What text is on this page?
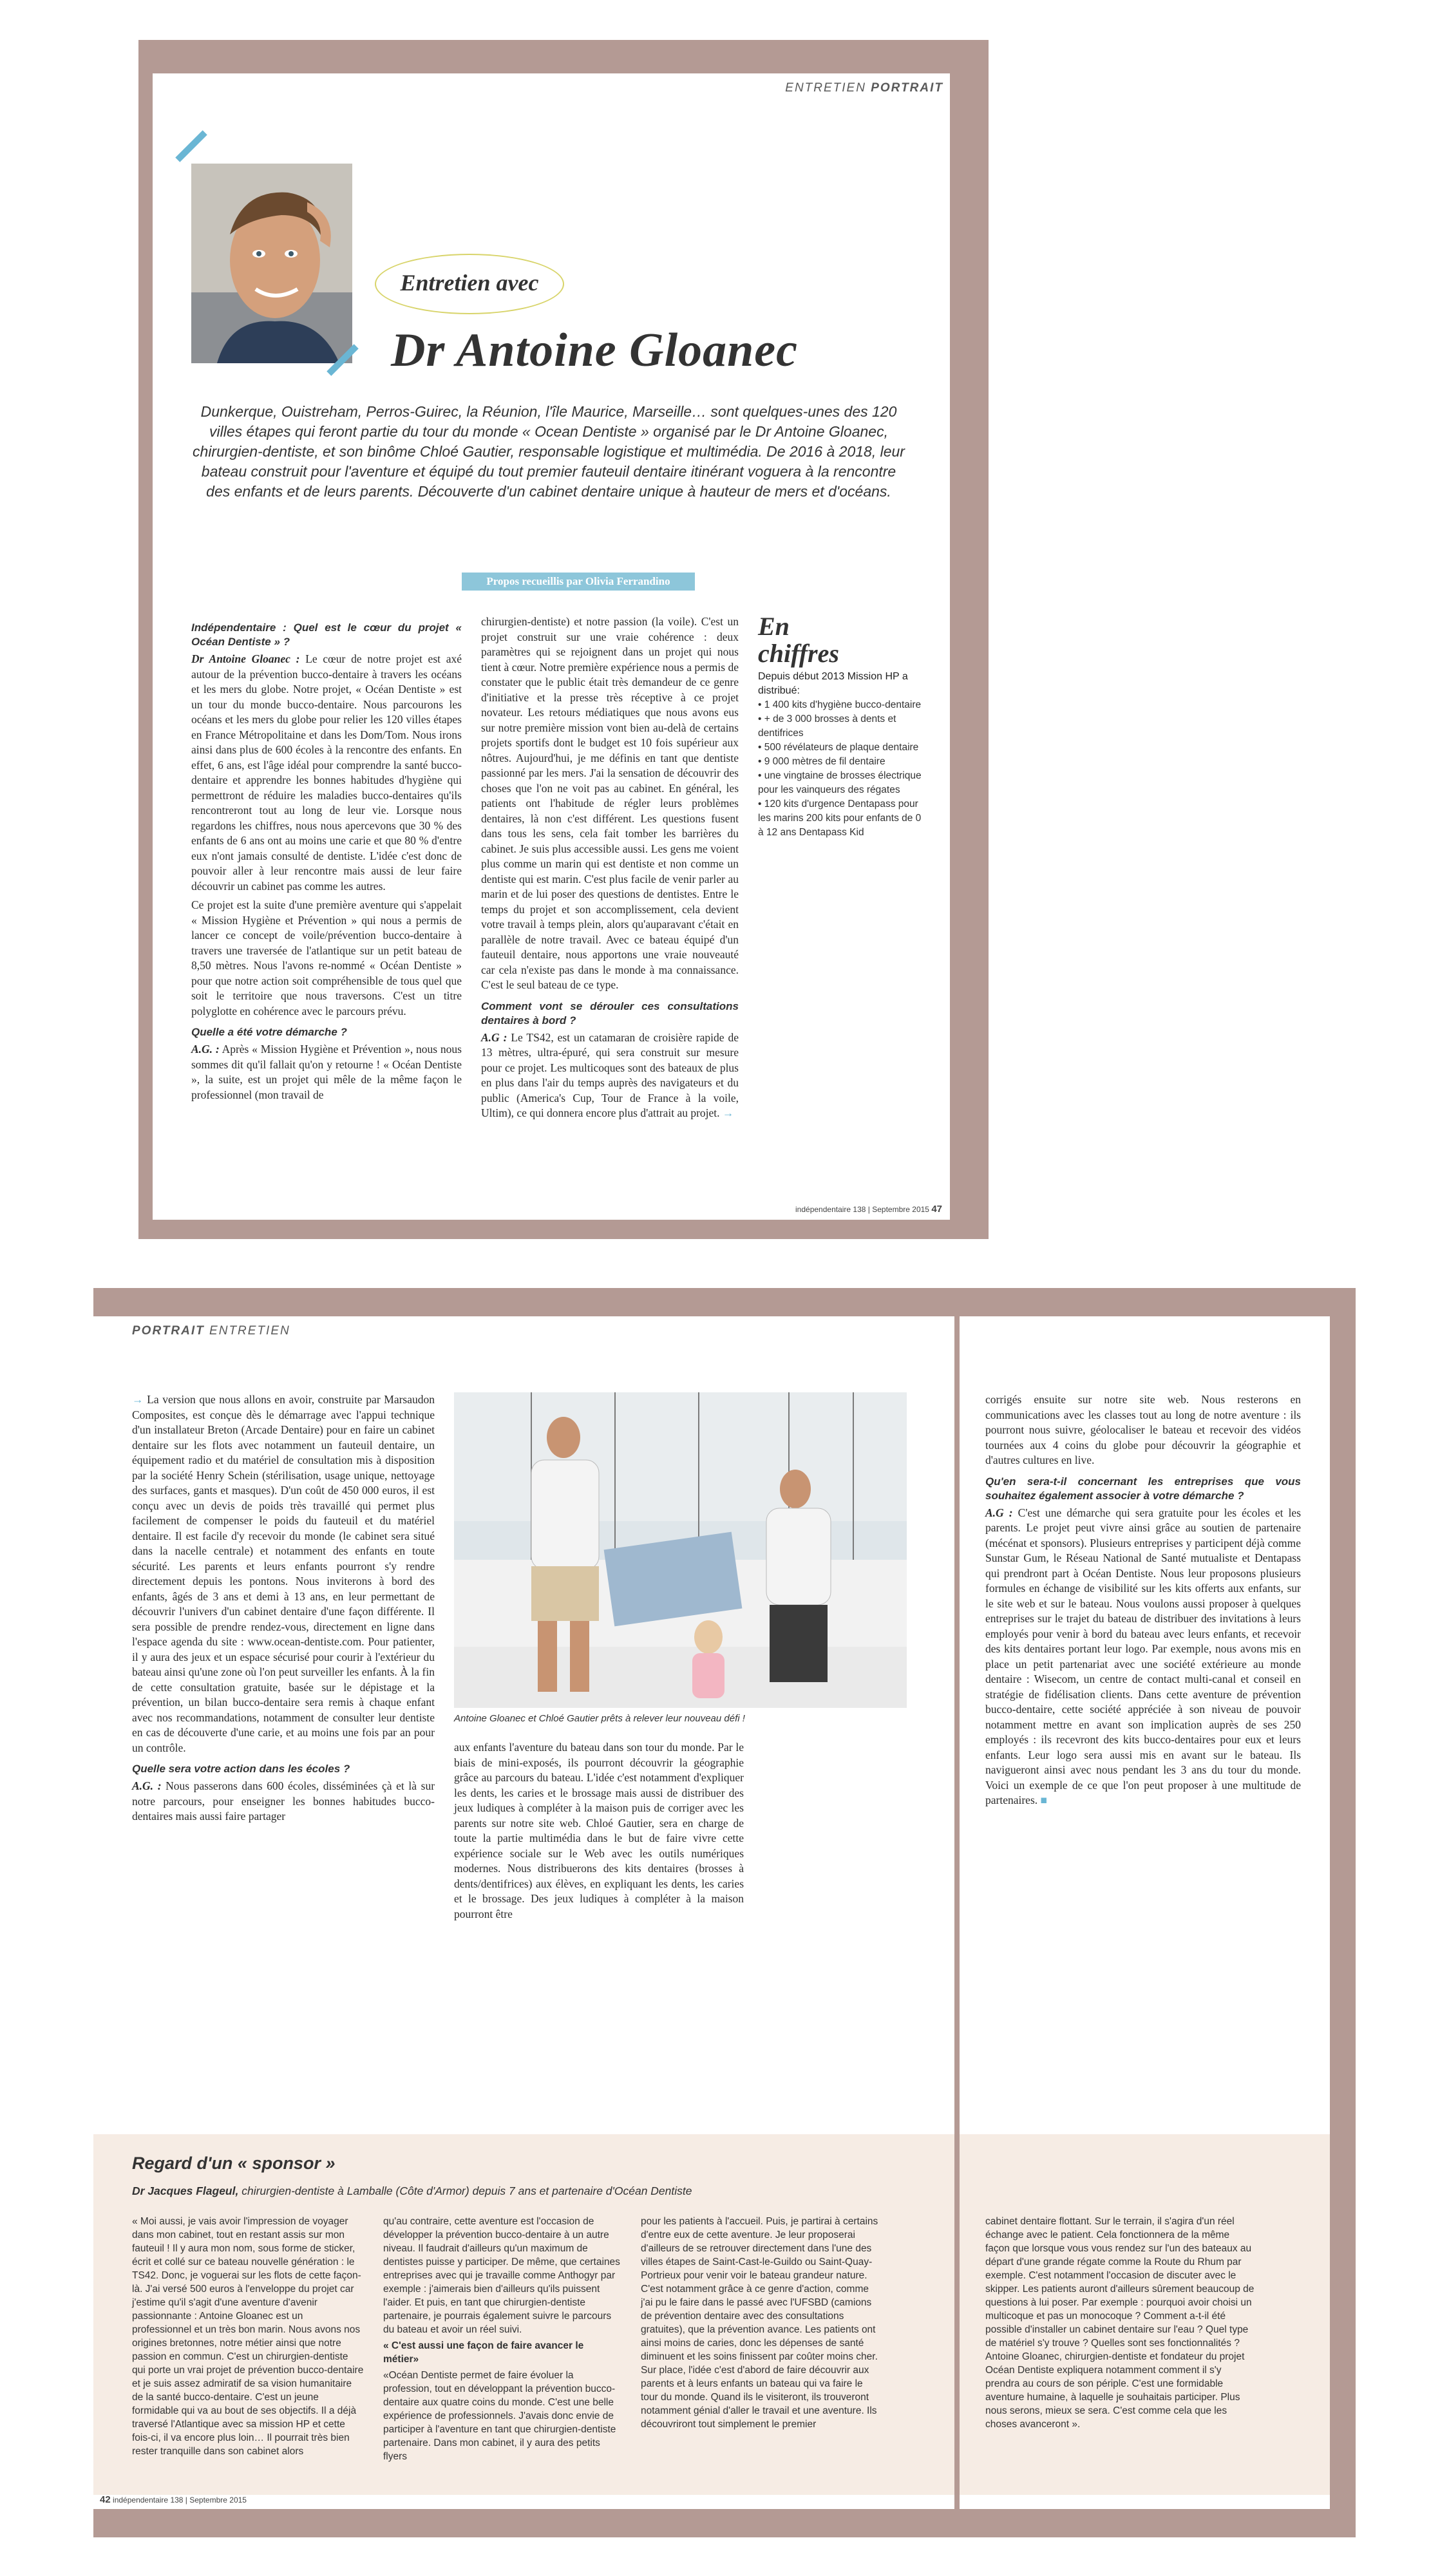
ENTRETIEN PORTRAIT
Entretien avec
Dr Antoine Gloanec
Dunkerque, Ouistreham, Perros-Guirec, la Réunion, l'île Maurice, Marseille… sont quelques-unes des 120 villes étapes qui feront partie du tour du monde « Ocean Dentiste » organisé par le Dr Antoine Gloanec, chirurgien-dentiste, et son binôme Chloé Gautier, responsable logistique et multimédia. De 2016 à 2018, leur bateau construit pour l'aventure et équipé du tout premier fauteuil dentaire itinérant voguera à la rencontre des enfants et de leurs parents. Découverte d'un cabinet dentaire unique à hauteur de mers et d'océans.
Propos recueillis par Olivia Ferrandino
Indépendentaire : Quel est le cœur du projet « Océan Dentiste » ?

Dr Antoine Gloanec : Le cœur de notre projet est axé autour de la prévention bucco-dentaire à travers les océans et les mers du globe. Notre projet, « Océan Dentiste » est un tour du monde bucco-dentaire. Nous parcourons les océans et les mers du globe pour relier les 120 villes étapes en France Métropolitaine et dans les Dom/Tom. Nous irons ainsi dans plus de 600 écoles à la rencontre des enfants. En effet, 6 ans, est l'âge idéal pour comprendre la santé bucco-dentaire et apprendre les bonnes habitudes d'hygiène qui permettront de réduire les maladies bucco-dentaires qu'ils rencontreront tout au long de leur vie. Lorsque nous regardons les chiffres, nous nous apercevons que 30 % des enfants de 6 ans ont au moins une carie et que 80 % d'entre eux n'ont jamais consulté de dentiste. L'idée c'est donc de pouvoir aller à leur rencontre mais aussi de leur faire découvrir un cabinet pas comme les autres.

Ce projet est la suite d'une première aventure qui s'appelait « Mission Hygiène et Prévention » qui nous a permis de lancer ce concept de voile/prévention bucco-dentaire à travers une traversée de l'atlantique sur un petit bateau de 8,50 mètres. Nous l'avons re-nommé « Océan Dentiste » pour que notre action soit compréhensible de tous quel que soit le territoire que nous traversons. C'est un titre polyglotte en cohérence avec le parcours prévu.

Quelle a été votre démarche ?

A.G. : Après « Mission Hygiène et Prévention », nous nous sommes dit qu'il fallait qu'on y retourne ! « Océan Dentiste », la suite, est un projet qui mêle de la même façon le professionnel (mon travail de

chirurgien-dentiste) et notre passion (la voile). C'est un projet construit sur une vraie cohérence : deux paramètres qui se rejoignent dans un projet qui nous tient à cœur. Notre première expérience nous a permis de constater que le public était très demandeur de ce genre d'initiative et la presse très réceptive à ce projet novateur. Les retours médiatiques que nous avons eus sur notre première mission vont bien au-delà de certains projets sportifs dont le budget est 10 fois supérieur aux nôtres. Aujourd'hui, je me définis en tant que dentiste passionné par les mers. J'ai la sensation de découvrir des choses que l'on ne voit pas au cabinet. En général, les patients ont l'habitude de régler leurs problèmes dentaires, là non c'est différent. Les questions fusent dans tous les sens, cela fait tomber les barrières du cabinet. Je suis plus accessible aussi. Les gens me voient plus comme un marin qui est dentiste et non comme un dentiste qui est marin. C'est plus facile de venir parler au marin et de lui poser des questions de dentistes. Entre le temps du projet et son accomplissement, cela devient votre travail à temps plein, alors qu'auparavant c'était en parallèle de notre travail. Avec ce bateau équipé d'un fauteuil dentaire, nous apportons une vraie nouveauté car cela n'existe pas dans le monde à ma connaissance. C'est le seul bateau de ce type.

Comment vont se dérouler ces consultations dentaires à bord ?

A.G : Le TS42, est un catamaran de croisière rapide de 13 mètres, ultra-épuré, qui sera construit sur mesure pour ce projet. Les multicoques sont des bateaux de plus en plus dans l'air du temps auprès des navigateurs et du public (America's Cup, Tour de France à la voile, Ultim), ce qui donnera encore plus d'attrait au projet. →

En
chiffres
Depuis début 2013 Mission HP a distribué:
• 1 400 kits d'hygiène bucco-dentaire
• + de 3 000 brosses à dents et dentifrices
• 500 révélateurs de plaque dentaire
• 9 000 mètres de fil dentaire
• une vingtaine de brosses électrique pour les vainqueurs des régates
• 120 kits d'urgence Dentapass pour les marins 200 kits pour enfants de 0 à 12 ans Dentapass Kid
indépendentaire 138 | Septembre 2015 47
PORTRAIT ENTRETIEN

→ La version que nous allons en avoir, construite par Marsaudon Composites, est conçue dès le démarrage avec l'appui technique d'un installateur Breton (Arcade Dentaire) pour en faire un cabinet dentaire sur les flots avec notamment un fauteuil dentaire, un équipement radio et du matériel de consultation mis à disposition par la société Henry Schein (stérilisation, usage unique, nettoyage des surfaces, gants et masques). D'un coût de 450 000 euros, il est conçu avec un devis de poids très travaillé qui permet plus facilement de compenser le poids du fauteuil et du matériel dentaire. Il est facile d'y recevoir du monde (le cabinet sera situé dans la nacelle centrale) et notamment des enfants en toute sécurité. Les parents et leurs enfants pourront s'y rendre directement depuis les pontons. Nous inviterons à bord des enfants, âgés de 3 ans et demi à 13 ans, en leur permettant de découvrir l'univers d'un cabinet dentaire d'une façon différente. Il sera possible de prendre rendez-vous, directement en ligne dans l'espace agenda du site : www.ocean-dentiste.com. Pour patienter, il y aura des jeux et un espace sécurisé pour courir à l'extérieur du bateau ainsi qu'une zone où l'on peut surveiller les enfants. À la fin de cette consultation gratuite, basée sur le dépistage et la prévention, un bilan bucco-dentaire sera remis à chaque enfant avec nos recommandations, notamment de consulter leur dentiste en cas de découverte d'une carie, et au moins une fois par an pour un contrôle.

Quelle sera votre action dans les écoles ?

A.G. : Nous passerons dans 600 écoles, disséminées çà et là sur notre parcours, pour enseigner les bonnes habitudes bucco-dentaires mais aussi faire partager

Antoine Gloanec et Chloé Gautier prêts à relever leur nouveau défi !

aux enfants l'aventure du bateau dans son tour du monde. Par le biais de mini-exposés, ils pourront découvrir la géographie grâce au parcours du bateau. L'idée c'est notamment d'expliquer les dents, les caries et le brossage mais aussi de distribuer des jeux ludiques à compléter à la maison puis de corriger avec les parents sur notre site web. Chloé Gautier, sera en charge de toute la partie multimédia dans le but de faire vivre cette expérience sociale sur le Web avec les outils numériques modernes. Nous distribuerons des kits dentaires (brosses à dents/dentifrices) aux élèves, en expliquant les dents, les caries et le brossage. Des jeux ludiques à compléter à la maison pourront être

Regard d'un « sponsor »
Dr Jacques Flageul, chirurgien-dentiste à Lamballe (Côte d'Armor) depuis 7 ans et partenaire d'Océan Dentiste

« Moi aussi, je vais avoir l'impression de voyager dans mon cabinet, tout en restant assis sur mon fauteuil ! Il y aura mon nom, sous forme de sticker, écrit et collé sur ce bateau nouvelle génération : le TS42. Donc, je voguerai sur les flots de cette façon-là. J'ai versé 500 euros à l'enveloppe du projet car j'estime qu'il s'agit d'une aventure d'avenir passionnante : Antoine Gloanec est un professionnel et un très bon marin. Nous avons nos origines bretonnes, notre métier ainsi que notre passion en commun. C'est un chirurgien-dentiste qui porte un vrai projet de prévention bucco-dentaire et je suis assez admiratif de sa vision humanitaire de la santé bucco-dentaire. C'est un jeune formidable qui va au bout de ses objectifs. Il a déjà traversé l'Atlantique avec sa mission HP et cette fois-ci, il va encore plus loin… Il pourrait très bien rester tranquille dans son cabinet alors

qu'au contraire, cette aventure est l'occasion de développer la prévention bucco-dentaire à un autre niveau. Il faudrait d'ailleurs qu'un maximum de dentistes puisse y participer. De même, que certaines entreprises avec qui je travaille comme Anthogyr par exemple : j'aimerais bien d'ailleurs qu'ils puissent l'aider. Et puis, en tant que chirurgien-dentiste partenaire, je pourrais également suivre le parcours du bateau et avoir un réel suivi.

« C'est aussi une façon de faire avancer le métier»

«Océan Dentiste permet de faire évoluer la profession, tout en développant la prévention bucco-dentaire aux quatre coins du monde. C'est une belle expérience de professionnels. J'avais donc envie de participer à l'aventure en tant que chirurgien-dentiste partenaire. Dans mon cabinet, il y aura des petits flyers

pour les patients à l'accueil. Puis, je partirai à certains d'entre eux de cette aventure. Je leur proposerai d'ailleurs de se retrouver directement dans l'une des villes étapes de Saint-Cast-le-Guildo ou Saint-Quay-Portrieux pour venir voir le bateau grandeur nature. C'est notamment grâce à ce genre d'action, comme j'ai pu le faire dans le passé avec l'UFSBD (camions de prévention dentaire avec des consultations gratuites), que la prévention avance. Les patients ont ainsi moins de caries, donc les dépenses de santé diminuent et les soins finissent par coûter moins cher. Sur place, l'idée c'est d'abord de faire découvrir aux parents et à leurs enfants un bateau qui va faire le tour du monde. Quand ils le visiteront, ils trouveront notamment génial d'aller le travail et une aventure. Ils découvriront tout simplement le premier

42 indépendentaire 138 | Septembre 2015

corrigés ensuite sur notre site web. Nous resterons en communications avec les classes tout au long de notre aventure : ils pourront nous suivre, géolocaliser le bateau et recevoir des vidéos tournées aux 4 coins du globe pour découvrir la géographie et d'autres cultures en live.

Qu'en sera-t-il concernant les entreprises que vous souhaitez également associer à votre démarche ?

A.G : C'est une démarche qui sera gratuite pour les écoles et les parents. Le projet peut vivre ainsi grâce au soutien de partenaire (mécénat et sponsors). Plusieurs entreprises y participent déjà comme Sunstar Gum, le Réseau National de Santé mutualiste et Dentapass qui prendront part à Océan Dentiste. Nous leur proposons plusieurs formules en échange de visibilité sur les kits offerts aux enfants, sur le site web et sur le bateau. Nous voulons aussi proposer à quelques entreprises sur le trajet du bateau de distribuer des invitations à leurs employés pour venir à bord du bateau avec leurs enfants, et recevoir des kits dentaires portant leur logo. Par exemple, nous avons mis en place un petit partenariat avec une société extérieure au monde dentaire : Wisecom, un centre de contact multi-canal et conseil en stratégie de fidélisation clients. Dans cette aventure de prévention bucco-dentaire, cette société appréciée à son niveau de pouvoir notamment mettre en avant son implication auprès de ses 250 employés : ils recevront des kits bucco-dentaires pour eux et leurs enfants. Leur logo sera aussi mis en avant sur le bateau. Ils navigueront ainsi avec nous pendant les 3 ans du tour du monde. Voici un exemple de ce que l'on peut proposer à une multitude de partenaires. ■

cabinet dentaire flottant. Sur le terrain, il s'agira d'un réel échange avec le patient. Cela fonctionnera de la même façon que lorsque vous vous rendez sur l'un des bateaux au départ d'une grande régate comme la Route du Rhum par exemple. C'est notamment l'occasion de discuter avec le skipper. Les patients auront d'ailleurs sûrement beaucoup de questions à lui poser. Par exemple : pourquoi avoir choisi un multicoque et pas un monocoque ? Comment a-t-il été possible d'installer un cabinet dentaire sur l'eau ? Quel type de matériel s'y trouve ? Quelles sont ses fonctionnalités ? Antoine Gloanec, chirurgien-dentiste et fondateur du projet Océan Dentiste expliquera notamment comment il s'y prendra au cours de son périple. C'est une formidable aventure humaine, à laquelle je souhaitais participer. Plus nous serons, mieux se sera. C'est comme cela que les choses avanceront ».
